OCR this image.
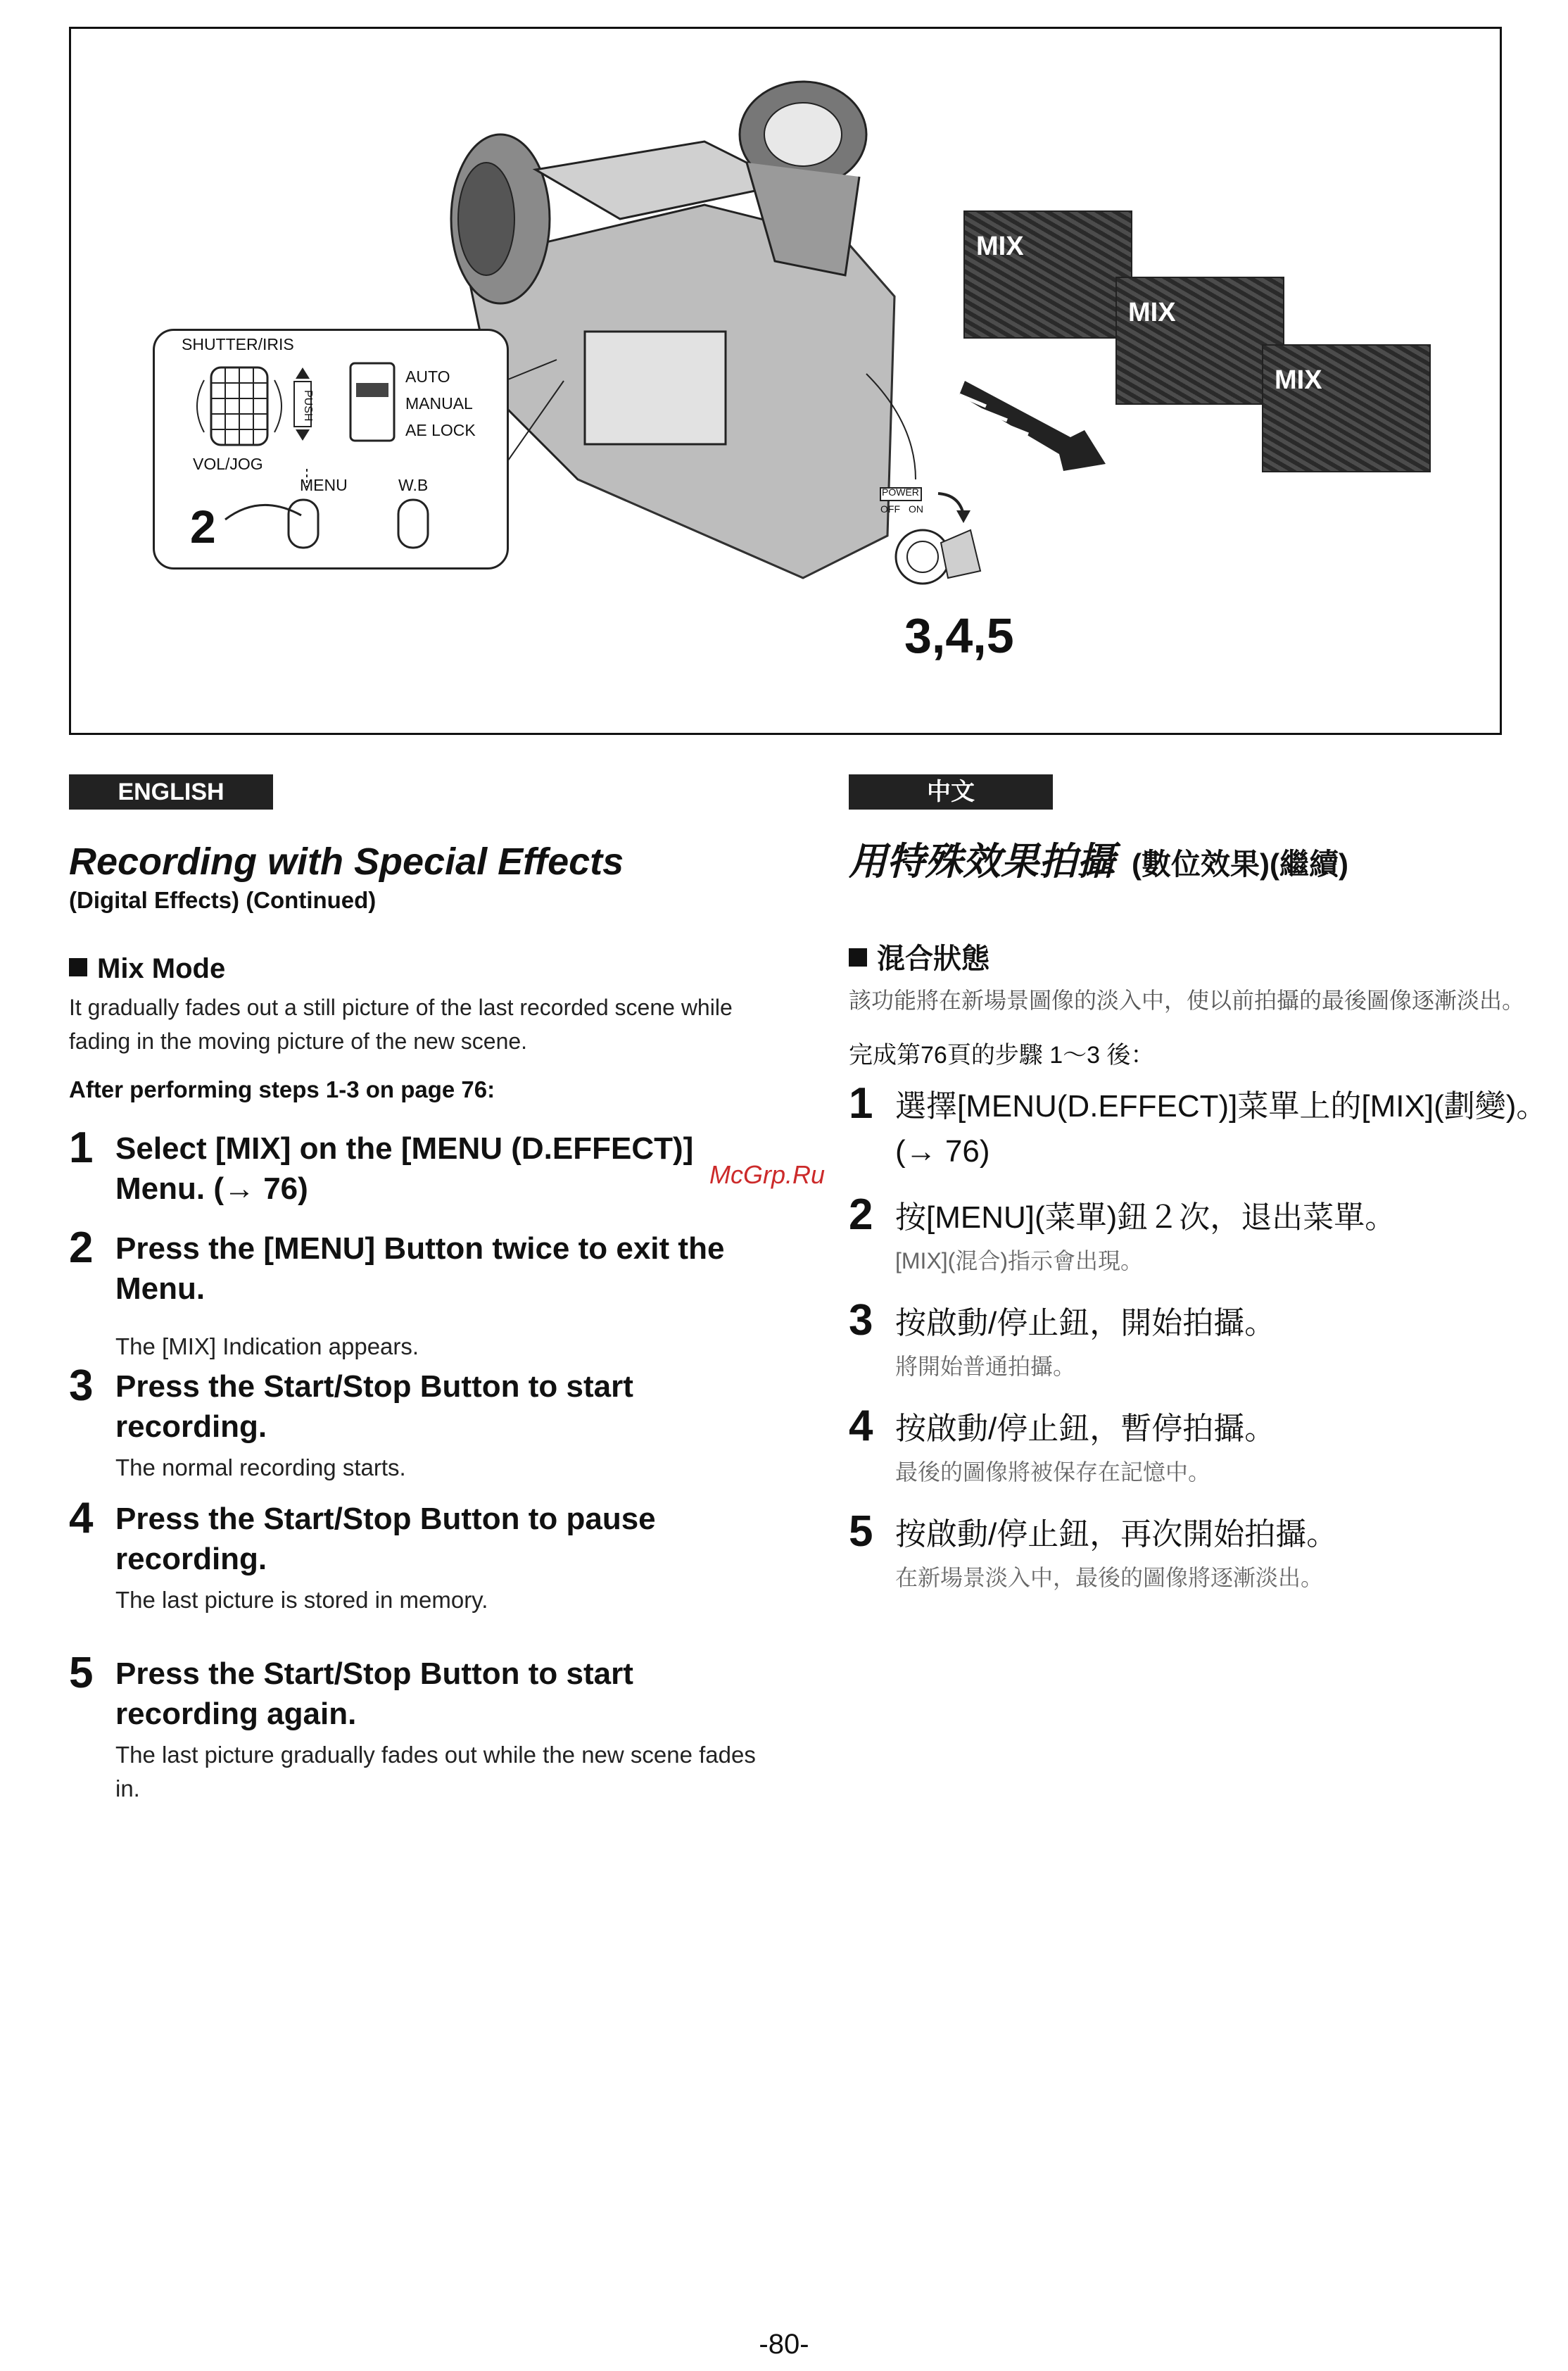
MIX
MIX
MIX
SHUTTER/IRIS
PUSH
AUTO
MANUAL
AE LOCK
VOL/JOG
MENU	W.B
2
POWER
OFF ON
3,4,5
ENGLISH
Recording with Special Effects
(Digital Effects) (Continued)
Mix Mode
It gradually fades out a still picture of the last recorded scene while fading in the moving picture of the new scene.
After performing steps 1-3 on page 76:
1 Select [MIX] on the [MENU (D.EFFECT)] Menu. (→ 76)
2 Press the [MENU] Button twice to exit the Menu.
The [MIX] Indication appears.
3 Press the Start/Stop Button to start recording.
The normal recording starts.
4 Press the Start/Stop Button to pause recording.
The last picture is stored in memory.
5 Press the Start/Stop Button to start recording again.
The last picture gradually fades out while the new scene fades in.
中文
用特殊效果拍攝 (數位效果)(繼續)
混合狀態
該功能將在新場景圖像的淡入中，使以前拍攝的最後圖像逐漸淡出。
完成第76頁的步驟 1～3 後：
1 選擇[MENU(D.EFFECT)]菜單上的[MIX](劃變)。(→ 76)
2 按[MENU](菜單)鈕２次，退出菜單。
[MIX](混合)指示會出現。
3 按啟動/停止鈕，開始拍攝。
將開始普通拍攝。
4 按啟動/停止鈕，暫停拍攝。
最後的圖像將被保存在記憶中。
5 按啟動/停止鈕，再次開始拍攝。
在新場景淡入中，最後的圖像將逐漸淡出。
McGrp.Ru
-80-
